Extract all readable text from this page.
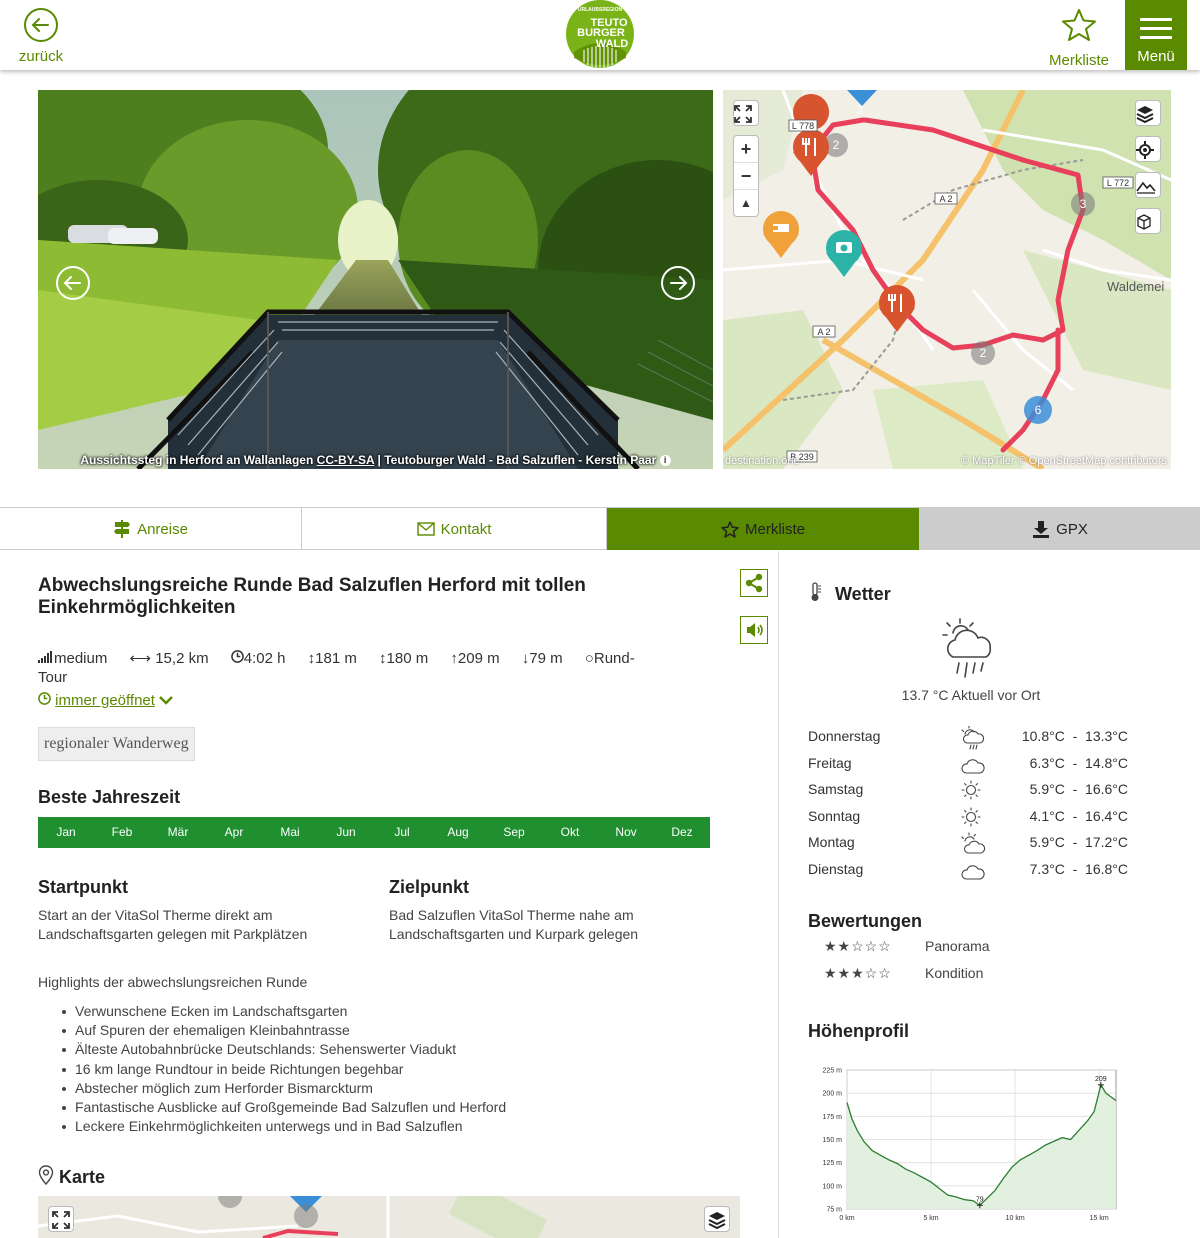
zurück
URLAUBSREGION
TEUTO
BURGER
WALD
Merkliste	Menü
Aussichtssteg in Herford an Wallanlagen CC-BY-SA | Teutoburger Wald - Bad Salzuflen - Kerstin Paar i
2
3
2
6
2
L 778
A 2
A 2
L 772
B 239
Waldemei
+
−
▲
© MapTiler © OpenStreetMap contributors
destination.one
Anreise	Kontakt	Merkliste	GPX
Abwechslungsreiche Runde Bad Salzuflen Herford mit tollen Einkehrmöglichkeiten
medium ⟷ 15,2 km 4:02 h ↕181 m ↕180 m ↑209 m ↓79 m ○Rund-
Tour
immer geöffnet
regionaler Wanderweg
Beste Jahreszeit
Jan	Feb	Mär	Apr	Mai	Jun	Jul	Aug	Sep	Okt	Nov	Dez
Startpunkt
Start an der VitaSol Therme direkt am
Landschaftsgarten gelegen mit Parkplätzen
Zielpunkt
Bad Salzuflen VitaSol Therme nahe am
Landschaftsgarten und Kurpark gelegen
Highlights der abwechslungsreichen Runde
Verwunschene Ecken im Landschaftsgarten
Auf Spuren der ehemaligen Kleinbahntrasse
Älteste Autobahnbrücke Deutschlands: Sehenswerter Viadukt
16 km lange Rundtour in beide Richtungen begehbar
Abstecher möglich zum Herforder Bismarckturm
Fantastische Ausblicke auf Großgemeinde Bad Salzuflen und Herford
Leckere Einkehrmöglichkeiten unterwegs und in Bad Salzuflen
Karte
Wetter
13.7 °C Aktuell vor Ort
Donnerstag	10.8°C  -  13.3°C
Freitag	6.3°C  -  14.8°C
Samstag	5.9°C  -  16.6°C
Sonntag	4.1°C  -  16.4°C
Montag	5.9°C  -  17.2°C
Dienstag	7.3°C  -  16.8°C
Bewertungen
★★☆☆☆ Panorama
★★★☆☆ Kondition
Höhenprofil
225 m
200 m
175 m
150 m
125 m
100 m
75 m
0 km	5 km	10 km	15 km
209
79
